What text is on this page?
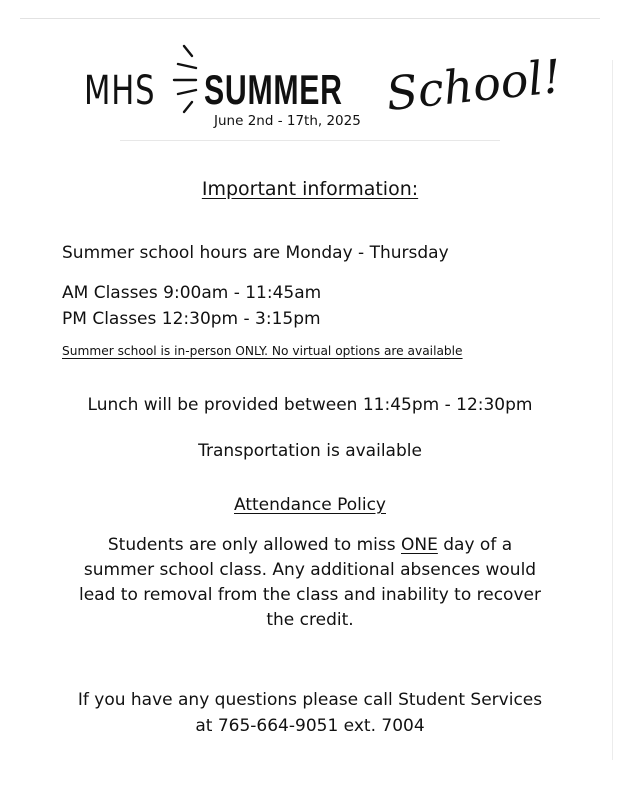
MHS SUMMER School!
June 2nd - 17th, 2025
Important information:
Summer school hours are Monday - Thursday
AM Classes 9:00am - 11:45am
PM Classes 12:30pm - 3:15pm
Summer school is in-person ONLY. No virtual options are available
Lunch will be provided between 11:45pm - 12:30pm
Transportation is available
Attendance Policy
Students are only allowed to miss ONE day of a
summer school class. Any additional absences would
lead to removal from the class and inability to recover
the credit.
If you have any questions please call Student Services
at 765-664-9051 ext. 7004
